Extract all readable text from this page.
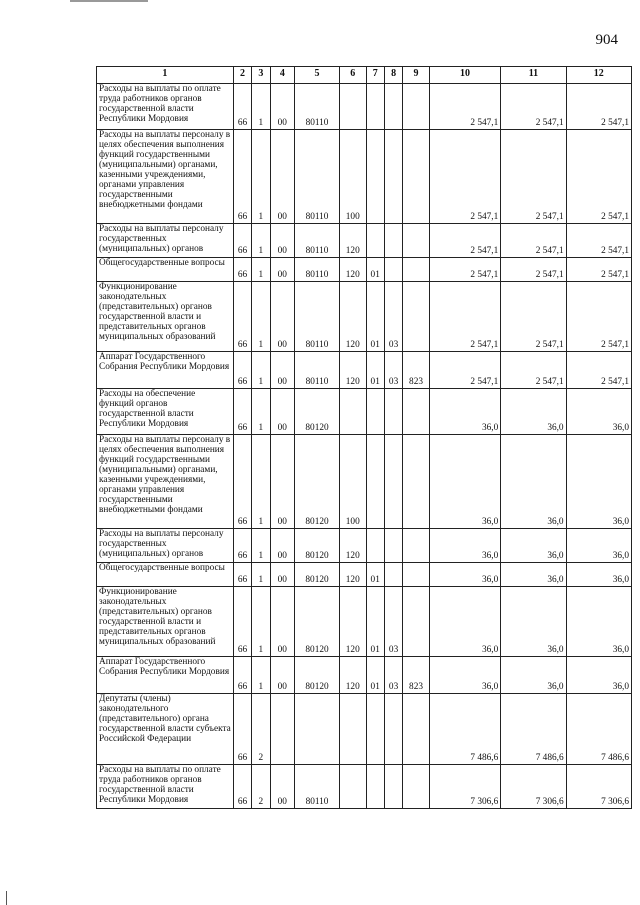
904
1	2	3	4	5	6	7	8	9	10	11	12

Расходы на выплаты по оплате труда работников органов государственной власти Республики Мордовия	66	1	00	80110					2 547,1	2 547,1	2 547,1

Расходы на выплаты персоналу в целях обеспечения выполнения функций государственными (муниципальными) органами, казенными учреждениями, органами управления государственными внебюджетными фондами	66	1	00	80110	100				2 547,1	2 547,1	2 547,1

Расходы на выплаты персоналу государственных (муниципальных) органов	66	1	00	80110	120				2 547,1	2 547,1	2 547,1

Общегосударственные вопросы	66	1	00	80110	120	01			2 547,1	2 547,1	2 547,1

Функционирование законодательных (представительных) органов государственной власти и представительных органов муниципальных образований	66	1	00	80110	120	01	03		2 547,1	2 547,1	2 547,1

Аппарат Государственного Собрания Республики Мордовия	66	1	00	80110	120	01	03	823	2 547,1	2 547,1	2 547,1

Расходы на обеспечение функций органов государственной власти Республики Мордовия	66	1	00	80120					36,0	36,0	36,0

Расходы на выплаты персоналу в целях обеспечения выполнения функций государственными (муниципальными) органами, казенными учреждениями, органами управления государственными внебюджетными фондами	66	1	00	80120	100				36,0	36,0	36,0

Расходы на выплаты персоналу государственных (муниципальных) органов	66	1	00	80120	120				36,0	36,0	36,0

Общегосударственные вопросы	66	1	00	80120	120	01			36,0	36,0	36,0

Функционирование законодательных (представительных) органов государственной власти и представительных органов муниципальных образований	66	1	00	80120	120	01	03		36,0	36,0	36,0

Аппарат Государственного Собрания Республики Мордовия	66	1	00	80120	120	01	03	823	36,0	36,0	36,0

Депутаты (члены) законодательного (представительного) органа государственной власти субъекта Российской Федерации	66	2							7 486,6	7 486,6	7 486,6

Расходы на выплаты по оплате труда работников органов государственной власти Республики Мордовия	66	2	00	80110					7 306,6	7 306,6	7 306,6
